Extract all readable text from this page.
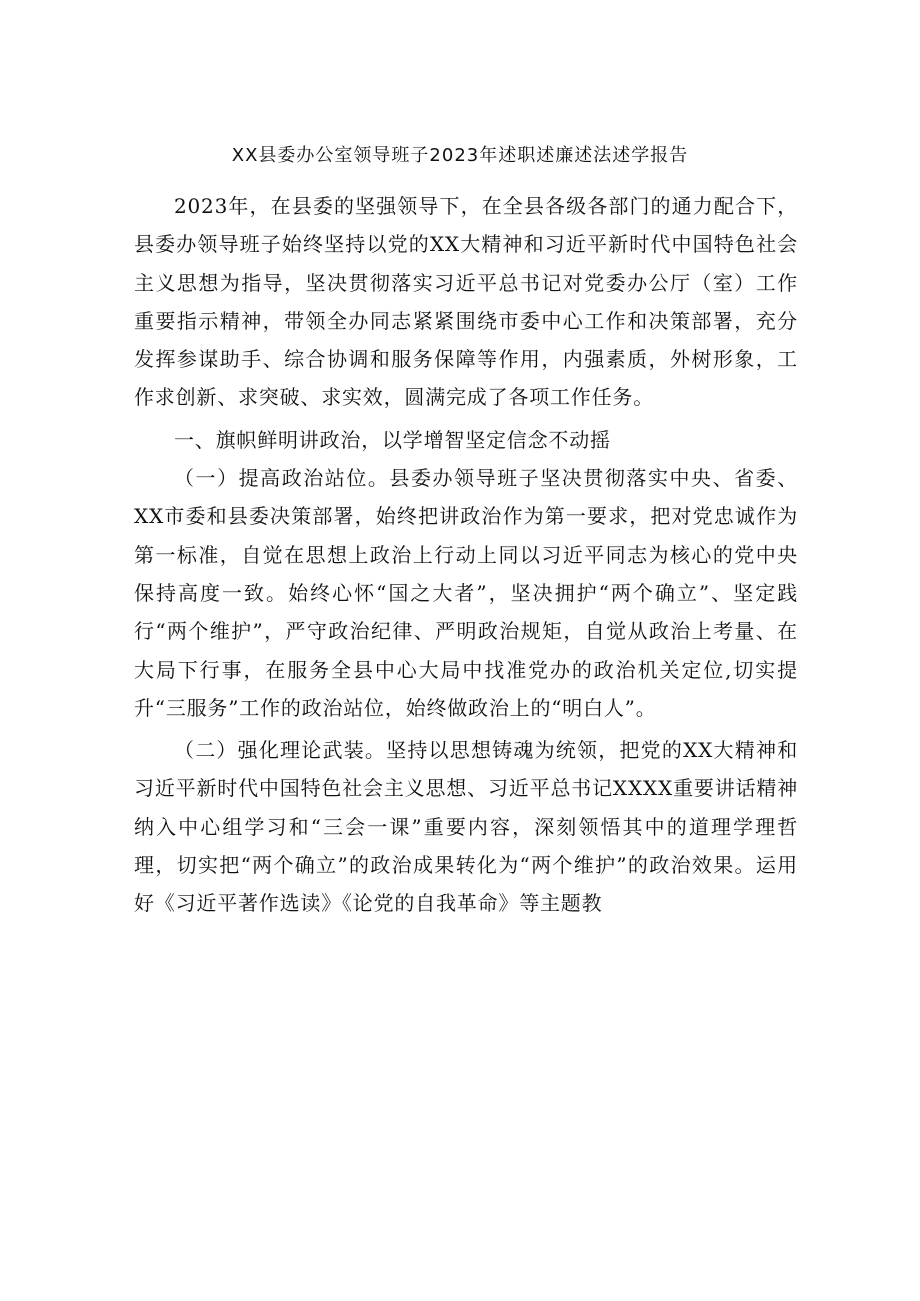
XX县委办公室领导班子2023年述职述廉述法述学报告

2023年，在县委的坚强领导下，在全县各级各部门的通力配合下，县委办领导班子始终坚持以党的XX大精神和习近平新时代中国特色社会主义思想为指导，坚决贯彻落实习近平总书记对党委办公厅（室）工作重要指示精神，带领全办同志紧紧围绕市委中心工作和决策部署，充分发挥参谋助手、综合协调和服务保障等作用，内强素质，外树形象，工作求创新、求突破、求实效，圆满完成了各项工作任务。

一、旗帜鲜明讲政治，以学增智坚定信念不动摇

（一）提高政治站位。县委办领导班子坚决贯彻落实中央、省委、XX市委和县委决策部署，始终把讲政治作为第一要求，把对党忠诚作为第一标准，自觉在思想上政治上行动上同以习近平同志为核心的党中央保持高度一致。始终心怀“国之大者”，坚决拥护“两个确立”、坚定践行“两个维护”，严守政治纪律、严明政治规矩，自觉从政治上考量、在大局下行事，在服务全县中心大局中找准党办的政治机关定位,切实提升“三服务”工作的政治站位，始终做政治上的“明白人”。

（二）强化理论武装。坚持以思想铸魂为统领，把党的XX大精神和习近平新时代中国特色社会主义思想、习近平总书记XXXX重要讲话精神纳入中心组学习和“三会一课”重要内容，深刻领悟其中的道理学理哲理，切实把“两个确立”的政治成果转化为“两个维护”的政治效果。运用好《习近平著作选读》《论党的自我革命》等主题教
